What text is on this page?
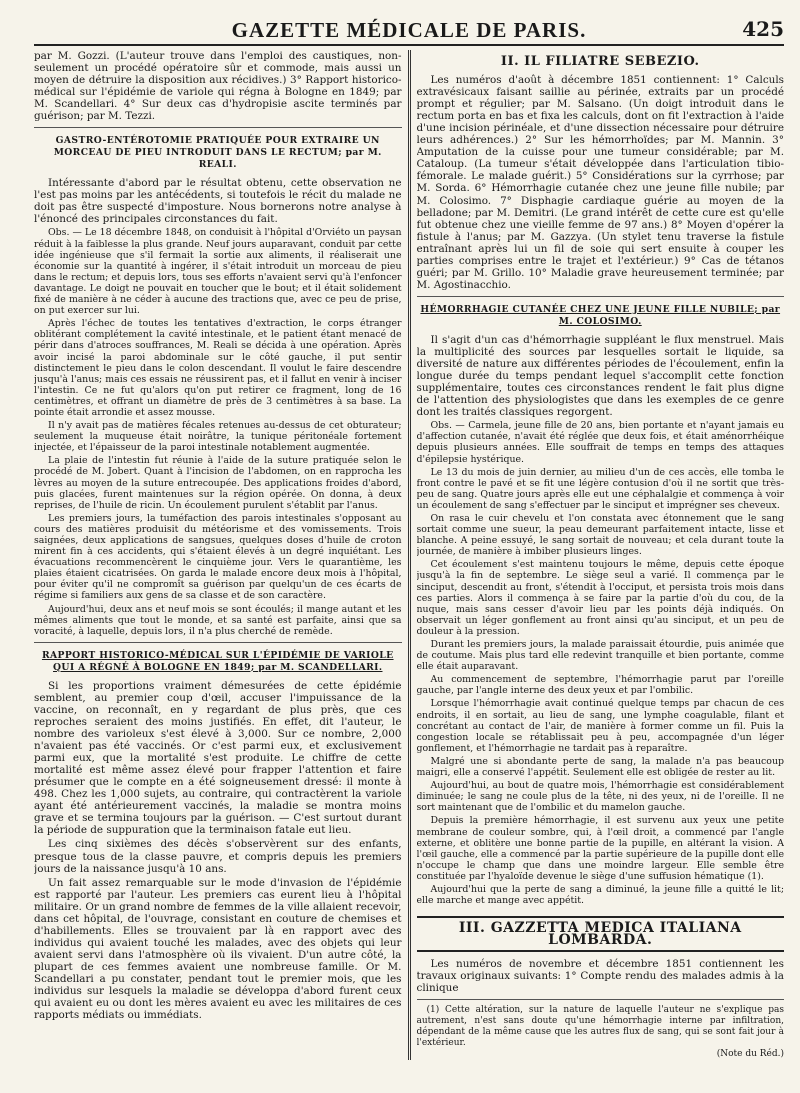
GAZETTE MÉDICALE DE PARIS.	425

par M. Gozzi. (L'auteur trouve dans l'emploi des caustiques, non-seulement un procédé opératoire sûr et commode, mais aussi un moyen de détruire la disposition aux récidives.) 3° Rapport historico-médical sur l'épidémie de variole qui régna à Bologne en 1849; par M. Scandellari. 4° Sur deux cas d'hydropisie ascite terminés par guérison; par M. Tezzi.

GASTRO-ENTÉROTOMIE PRATIQUÉE POUR EXTRAIRE UN MORCEAU DE PIEU INTRODUIT DANS LE RECTUM; par M. REALI.

Intéressante d'abord par le résultat obtenu, cette observation ne l'est pas moins par les antécédents, si toutefois le récit du malade ne doit pas être suspecté d'imposture. Nous bornerons notre analyse à l'énoncé des principales circonstances du fait.

Obs. — Le 18 décembre 1848, on conduisit à l'hôpital d'Orviéto un paysan réduit à la faiblesse la plus grande. Neuf jours auparavant, conduit par cette idée ingénieuse que s'il fermait la sortie aux aliments, il réaliserait une économie sur la quantité à ingérer, il s'était introduit un morceau de pieu dans le rectum; et depuis lors, tous ses efforts n'avaient servi qu'à l'enfoncer davantage. Le doigt ne pouvait en toucher que le bout; et il était solidement fixé de manière à ne céder à aucune des tractions que, avec ce peu de prise, on put exercer sur lui.

Après l'échec de toutes les tentatives d'extraction, le corps étranger oblitérant complétement la cavité intestinale, et le patient étant menacé de périr dans d'atroces souffrances, M. Reali se décida à une opération. Après avoir incisé la paroi abdominale sur le côté gauche, il put sentir distinctement le pieu dans le colon descendant. Il voulut le faire descendre jusqu'à l'anus; mais ces essais ne réussirent pas, et il fallut en venir à inciser l'intestin. Ce ne fut qu'alors qu'on put retirer ce fragment, long de 16 centimètres, et offrant un diamètre de près de 3 centimètres à sa base. La pointe était arrondie et assez mousse.

Il n'y avait pas de matières fécales retenues au-dessus de cet obturateur; seulement la muqueuse était noirâtre, la tunique péritonéale fortement injectée, et l'épaisseur de la paroi intestinale notablement augmentée.

La plaie de l'intestin fut réunie à l'aide de la suture pratiquée selon le procédé de M. Jobert. Quant à l'incision de l'abdomen, on en rapprocha les lèvres au moyen de la suture entrecoupée. Des applications froides d'abord, puis glacées, furent maintenues sur la région opérée. On donna, à deux reprises, de l'huile de ricin. Un écoulement purulent s'établit par l'anus.

Les premiers jours, la tuméfaction des parois intestinales s'opposant au cours des matières produisit du météorisme et des vomissements. Trois saignées, deux applications de sangsues, quelques doses d'huile de croton mirent fin à ces accidents, qui s'étaient élevés à un degré inquiétant. Les évacuations recommencèrent le cinquième jour. Vers le quarantième, les plaies étaient cicatrisées. On garda le malade encore deux mois à l'hôpital, pour éviter qu'il ne compromît sa guérison par quelqu'un de ces écarts de régime si familiers aux gens de sa classe et de son caractère.

Aujourd'hui, deux ans et neuf mois se sont écoulés; il mange autant et les mêmes aliments que tout le monde, et sa santé est parfaite, ainsi que sa voracité, à laquelle, depuis lors, il n'a plus cherché de remède.

RAPPORT HISTORICO-MÉDICAL SUR L'ÉPIDÉMIE DE VARIOLE QUI A RÉGNÉ À BOLOGNE EN 1849; par M. SCANDELLARI.

Si les proportions vraiment démesurées de cette épidémie semblent, au premier coup d'œil, accuser l'impuissance de la vaccine, on reconnaît, en y regardant de plus près, que ces reproches seraient des moins justifiés. En effet, dit l'auteur, le nombre des varioleux s'est élevé à 3,000. Sur ce nombre, 2,000 n'avaient pas été vaccinés. Or c'est parmi eux, et exclusivement parmi eux, que la mortalité s'est produite. Le chiffre de cette mortalité est même assez élevé pour frapper l'attention et faire présumer que le compte en a été soigneusement dressé: il monte à 498. Chez les 1,000 sujets, au contraire, qui contractèrent la variole ayant été antérieurement vaccinés, la maladie se montra moins grave et se termina toujours par la guérison. — C'est surtout durant la période de suppuration que la terminaison fatale eut lieu.

Les cinq sixièmes des décès s'observèrent sur des enfants, presque tous de la classe pauvre, et compris depuis les premiers jours de la naissance jusqu'à 10 ans.

Un fait assez remarquable sur le mode d'invasion de l'épidémie est rapporté par l'auteur. Les premiers cas eurent lieu à l'hôpital militaire. Or un grand nombre de femmes de la ville allaient recevoir, dans cet hôpital, de l'ouvrage, consistant en couture de chemises et d'habillements. Elles se trouvaient par là en rapport avec des individus qui avaient touché les malades, avec des objets qui leur avaient servi dans l'atmosphère où ils vivaient. D'un autre côté, la plupart de ces femmes avaient une nombreuse famille. Or M. Scandellari a pu constater, pendant tout le premier mois, que les individus sur lesquels la maladie se développa d'abord furent ceux qui avaient eu ou dont les mères avaient eu avec les militaires de ces rapports médiats ou immédiats.

II. IL FILIATRE SEBEZIO.

Les numéros d'août à décembre 1851 contiennent: 1° Calculs extravésicaux faisant saillie au périnée, extraits par un procédé prompt et régulier; par M. Salsano. (Un doigt introduit dans le rectum porta en bas et fixa les calculs, dont on fit l'extraction à l'aide d'une incision périnéale, et d'une dissection nécessaire pour détruire leurs adhérences.) 2° Sur les hémorrhoïdes; par M. Mannin. 3° Amputation de la cuisse pour une tumeur considérable; par M. Cataloup. (La tumeur s'était développée dans l'articulation tibio-fémorale. Le malade guérit.) 5° Considérations sur la cyrrhose; par M. Sorda. 6° Hémorrhagie cutanée chez une jeune fille nubile; par M. Colosimo. 7° Disphagie cardiaque guérie au moyen de la belladone; par M. Demitri. (Le grand intérêt de cette cure est qu'elle fut obtenue chez une vieille femme de 97 ans.) 8° Moyen d'opérer la fistule à l'anus; par M. Gazzya. (Un stylet tenu traverse la fistule entraînant après lui un fil de soie qui sert ensuite à couper les parties comprises entre le trajet et l'extérieur.) 9° Cas de tétanos guéri; par M. Grillo. 10° Maladie grave heureusement terminée; par M. Agostinacchio.

HÉMORRHAGIE CUTANÉE CHEZ UNE JEUNE FILLE NUBILE; par M. COLOSIMO.

Il s'agit d'un cas d'hémorrhagie suppléant le flux menstruel. Mais la multiplicité des sources par lesquelles sortait le liquide, sa diversité de nature aux différentes périodes de l'écoulement, enfin la longue durée du temps pendant lequel s'accomplit cette fonction supplémentaire, toutes ces circonstances rendent le fait plus digne de l'attention des physiologistes que dans les exemples de ce genre dont les traités classiques regorgent.

Obs. — Carmela, jeune fille de 20 ans, bien portante et n'ayant jamais eu d'affection cutanée, n'avait été réglée que deux fois, et était aménorrhéique depuis plusieurs années. Elle souffrait de temps en temps des attaques d'épilepsie hystérique.

Le 13 du mois de juin dernier, au milieu d'un de ces accès, elle tomba le front contre le pavé et se fit une légère contusion d'où il ne sortit que très-peu de sang. Quatre jours après elle eut une céphalalgie et commença à voir un écoulement de sang s'effectuer par le sinciput et imprégner ses cheveux.

On rasa le cuir chevelu et l'on constata avec étonnement que le sang sortait comme une sueur, la peau demeurant parfaitement intacte, lisse et blanche. A peine essuyé, le sang sortait de nouveau; et cela durant toute la journée, de manière à imbiber plusieurs linges.

Cet écoulement s'est maintenu toujours le même, depuis cette époque jusqu'à la fin de septembre. Le siège seul a varié. Il commença par le sinciput, descendit au front, s'étendit à l'occiput, et persista trois mois dans ces parties. Alors il commença à se faire par la partie d'où du cou, de la nuque, mais sans cesser d'avoir lieu par les points déjà indiqués. On observait un léger gonflement au front ainsi qu'au sinciput, et un peu de douleur à la pression.

Durant les premiers jours, la malade paraissait étourdie, puis animée que de coutume. Mais plus tard elle redevint tranquille et bien portante, comme elle était auparavant.

Au commencement de septembre, l'hémorrhagie parut par l'oreille gauche, par l'angle interne des deux yeux et par l'ombilic.

Lorsque l'hémorrhagie avait continué quelque temps par chacun de ces endroits, il en sortait, au lieu de sang, une lymphe coagulable, filant et concrétant au contact de l'air, de manière à former comme un fil. Puis la congestion locale se rétablissait peu à peu, accompagnée d'un léger gonflement, et l'hémorrhagie ne tardait pas à reparaître.

Malgré une si abondante perte de sang, la malade n'a pas beaucoup maigri, elle a conservé l'appétit. Seulement elle est obligée de rester au lit.

Aujourd'hui, au bout de quatre mois, l'hémorrhagie est considérablement diminuée; le sang ne coule plus de la tête, ni des yeux, ni de l'oreille. Il ne sort maintenant que de l'ombilic et du mamelon gauche.

Depuis la première hémorrhagie, il est survenu aux yeux une petite membrane de couleur sombre, qui, à l'œil droit, a commencé par l'angle externe, et oblitère une bonne partie de la pupille, en altérant la vision. A l'œil gauche, elle a commencé par la partie supérieure de la pupille dont elle n'occupe le champ que dans une moindre largeur. Elle semble être constituée par l'hyaloïde devenue le siège d'une suffusion hématique (1).

Aujourd'hui que la perte de sang a diminué, la jeune fille a quitté le lit; elle marche et mange avec appétit.

III. GAZZETTA MEDICA ITALIANA LOMBARDA.

Les numéros de novembre et décembre 1851 contiennent les travaux originaux suivants: 1° Compte rendu des malades admis à la clinique

(1) Cette altération, sur la nature de laquelle l'auteur ne s'explique pas autrement, n'est sans doute qu'une hémorrhagie interne par infiltration, dépendant de la même cause que les autres flux de sang, qui se sont fait jour à l'extérieur.

(Note du Réd.)
